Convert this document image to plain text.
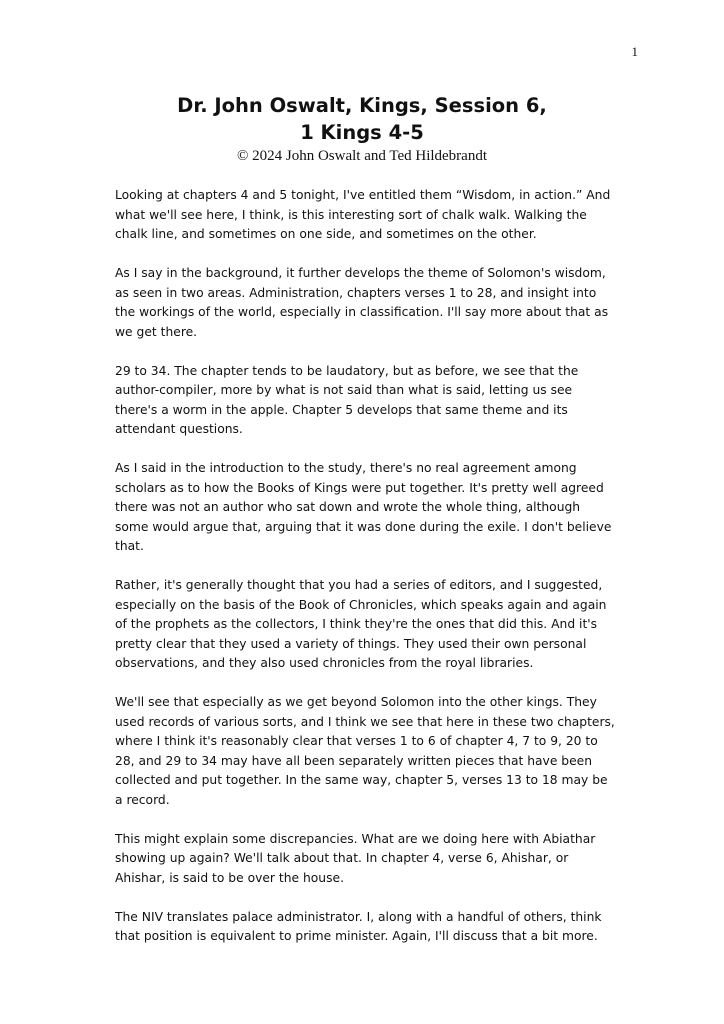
1
Dr. John Oswalt, Kings, Session 6,
1 Kings 4-5

© 2024 John Oswalt and Ted Hildebrandt

Looking at chapters 4 and 5 tonight, I've entitled them “Wisdom, in action.” And what we'll see here, I think, is this interesting sort of chalk walk. Walking the chalk line, and sometimes on one side, and sometimes on the other.

As I say in the background, it further develops the theme of Solomon's wisdom, as seen in two areas. Administration, chapters verses 1 to 28, and insight into the workings of the world, especially in classification. I'll say more about that as we get there.

29 to 34. The chapter tends to be laudatory, but as before, we see that the author-compiler, more by what is not said than what is said, letting us see there's a worm in the apple. Chapter 5 develops that same theme and its attendant questions.

As I said in the introduction to the study, there's no real agreement among scholars as to how the Books of Kings were put together. It's pretty well agreed there was not an author who sat down and wrote the whole thing, although some would argue that, arguing that it was done during the exile. I don't believe that.

Rather, it's generally thought that you had a series of editors, and I suggested, especially on the basis of the Book of Chronicles, which speaks again and again of the prophets as the collectors, I think they're the ones that did this. And it's pretty clear that they used a variety of things. They used their own personal observations, and they also used chronicles from the royal libraries.

We'll see that especially as we get beyond Solomon into the other kings. They used records of various sorts, and I think we see that here in these two chapters, where I think it's reasonably clear that verses 1 to 6 of chapter 4, 7 to 9, 20 to 28, and 29 to 34 may have all been separately written pieces that have been collected and put together. In the same way, chapter 5, verses 13 to 18 may be a record.

This might explain some discrepancies. What are we doing here with Abiathar showing up again? We'll talk about that. In chapter 4, verse 6, Ahishar, or Ahishar, is said to be over the house.

The NIV translates palace administrator. I, along with a handful of others, think that position is equivalent to prime minister. Again, I'll discuss that a bit more.
